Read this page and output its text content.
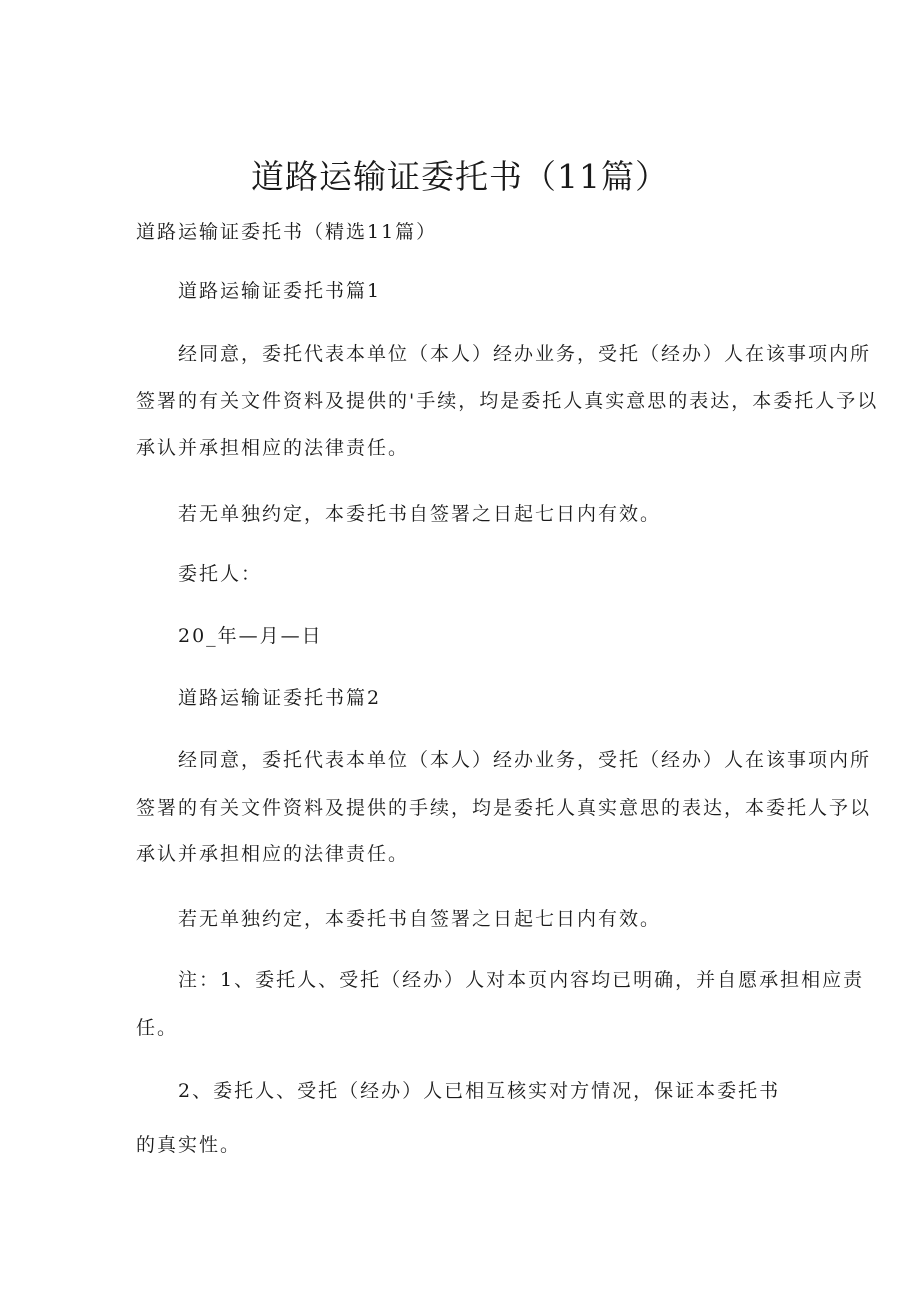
道路运输证委托书（11篇）

道路运输证委托书（精选11篇）

道路运输证委托书篇1

经同意，委托代表本单位（本人）经办业务，受托（经办）人在该事项内所

签署的有关文件资料及提供的'手续，均是委托人真实意思的表达，本委托人予以

承认并承担相应的法律责任。

若无单独约定，本委托书自签署之日起七日内有效。

委托人：

20_年—月—日

道路运输证委托书篇2

经同意，委托代表本单位（本人）经办业务，受托（经办）人在该事项内所

签署的有关文件资料及提供的手续，均是委托人真实意思的表达，本委托人予以

承认并承担相应的法律责任。

若无单独约定，本委托书自签署之日起七日内有效。

注：1、委托人、受托（经办）人对本页内容均已明确，并自愿承担相应责

任。

2、委托人、受托（经办）人已相互核实对方情况，保证本委托书

的真实性。
